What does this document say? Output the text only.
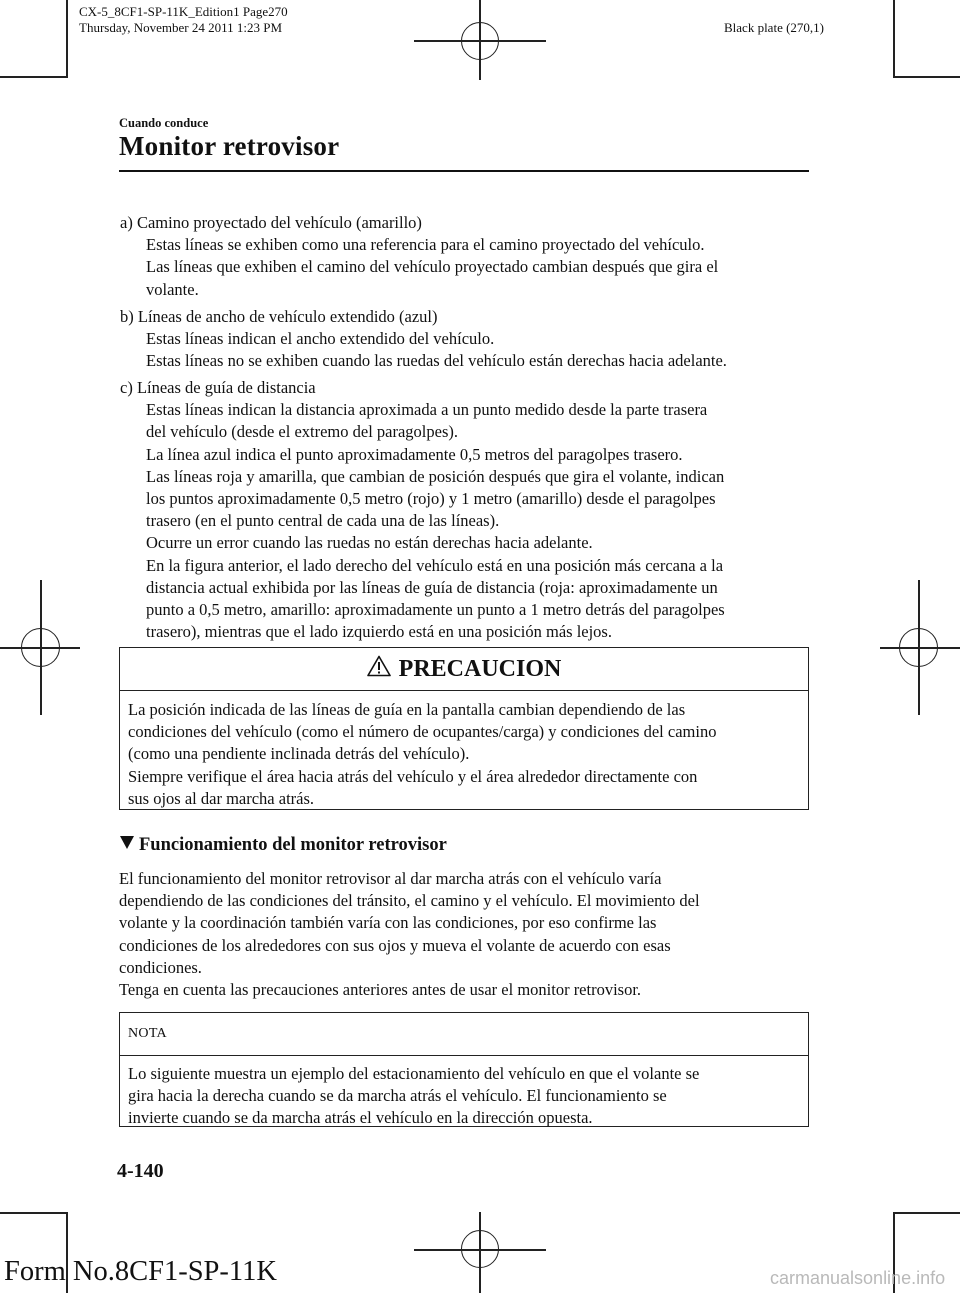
CX-5_8CF1-SP-11K_Edition1 Page270
Thursday, November 24 2011 1:23 PM	Black plate (270,1)
Cuando conduce
Monitor retrovisor
a) Camino proyectado del vehículo (amarillo)
Estas líneas se exhiben como una referencia para el camino proyectado del vehículo.
Las líneas que exhiben el camino del vehículo proyectado cambian después que gira el
volante.
b) Líneas de ancho de vehículo extendido (azul)
Estas líneas indican el ancho extendido del vehículo.
Estas líneas no se exhiben cuando las ruedas del vehículo están derechas hacia adelante.
c) Líneas de guía de distancia
Estas líneas indican la distancia aproximada a un punto medido desde la parte trasera
del vehículo (desde el extremo del paragolpes).
La línea azul indica el punto aproximadamente 0,5 metros del paragolpes trasero.
Las líneas roja y amarilla, que cambian de posición después que gira el volante, indican
los puntos aproximadamente 0,5 metro (rojo) y 1 metro (amarillo) desde el paragolpes
trasero (en el punto central de cada una de las líneas).
Ocurre un error cuando las ruedas no están derechas hacia adelante.
En la figura anterior, el lado derecho del vehículo está en una posición más cercana a la
distancia actual exhibida por las líneas de guía de distancia (roja: aproximadamente un
punto a 0,5 metro, amarillo: aproximadamente un punto a 1 metro detrás del paragolpes
trasero), mientras que el lado izquierdo está en una posición más lejos.
PRECAUCION
La posición indicada de las líneas de guía en la pantalla cambian dependiendo de las
condiciones del vehículo (como el número de ocupantes/carga) y condiciones del camino
(como una pendiente inclinada detrás del vehículo).
Siempre verifique el área hacia atrás del vehículo y el área alrededor directamente con
sus ojos al dar marcha atrás.
Funcionamiento del monitor retrovisor
El funcionamiento del monitor retrovisor al dar marcha atrás con el vehículo varía
dependiendo de las condiciones del tránsito, el camino y el vehículo. El movimiento del
volante y la coordinación también varía con las condiciones, por eso confirme las
condiciones de los alrededores con sus ojos y mueva el volante de acuerdo con esas
condiciones.
Tenga en cuenta las precauciones anteriores antes de usar el monitor retrovisor.
NOTA
Lo siguiente muestra un ejemplo del estacionamiento del vehículo en que el volante se
gira hacia la derecha cuando se da marcha atrás el vehículo. El funcionamiento se
invierte cuando se da marcha atrás el vehículo en la dirección opuesta.
4-140
Form No.8CF1-SP-11K	carmanualsonline.info
